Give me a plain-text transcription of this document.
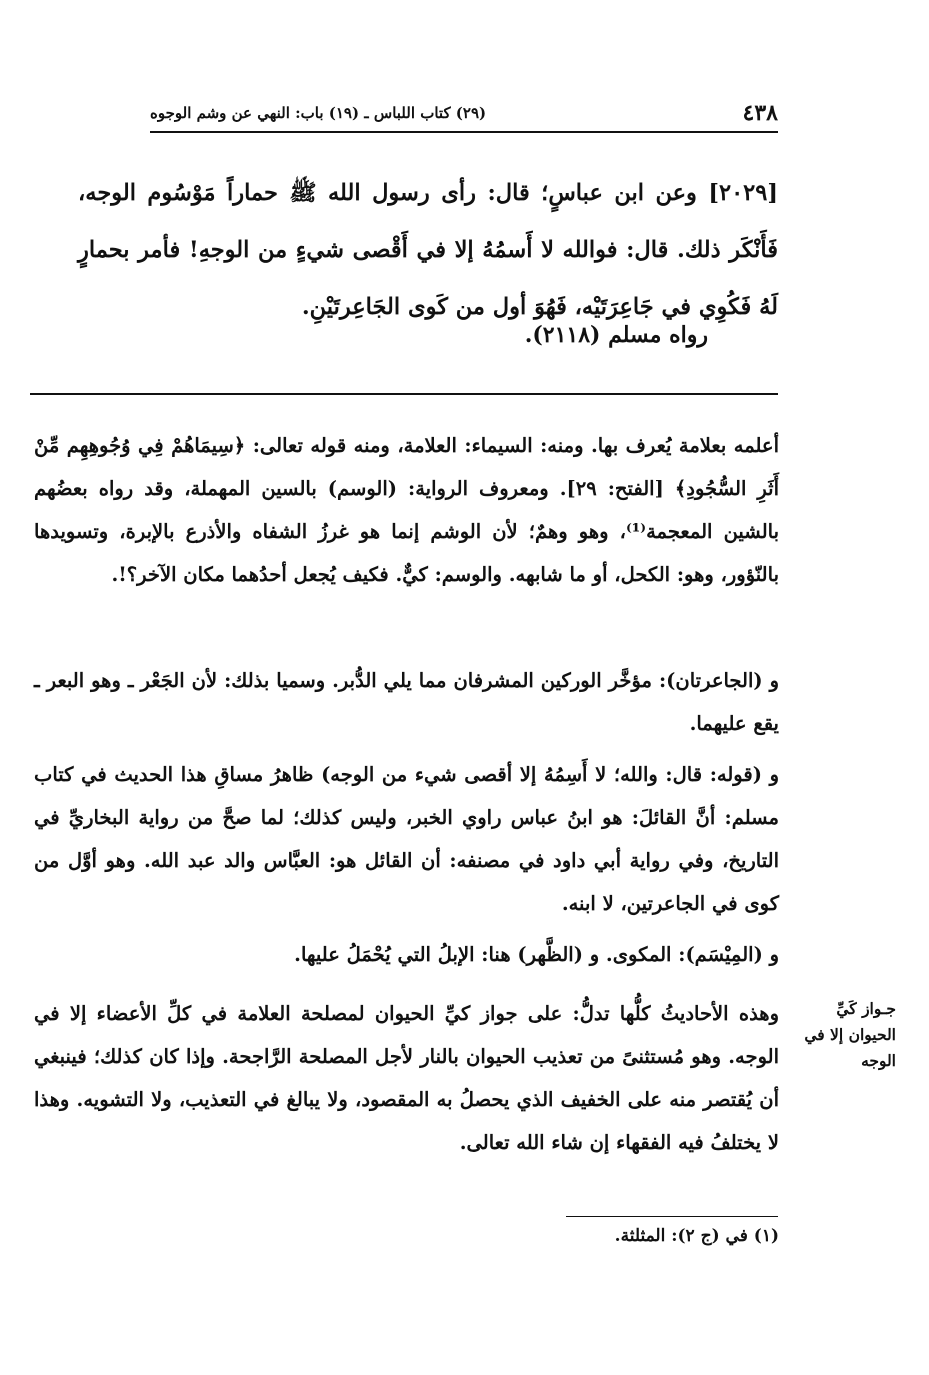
٤٣٨
(٢٩) كتاب اللباس ـ (١٩) باب: النهي عن وشم الوجوه
[٢٠٢٩] وعن ابن عباسٍ؛ قال: رأى رسول الله ﷺ حماراً مَوْسُوم الوجه، فَأَنْكَر ذلك. قال: فوالله لا أَسمُهُ إلا في أَقْصى شيءٍ من الوجهِ! فأمر بحمارٍ لَهُ فَكُوِي في جَاعِرَتَيْه، فَهُوَ أول من كَوى الجَاعِرتَيْنِ.
رواه مسلم (٢١١٨).
أعلمه بعلامة يُعرف بها. ومنه: السيماء: العلامة، ومنه قوله تعالى: ﴿سِيمَاهُمْ فِي وُجُوهِهِم مِّنْ أَثَرِ السُّجُودِ﴾ [الفتح: ٢٩]. ومعروف الرواية: (الوسم) بالسين المهملة، وقد رواه بعضُهم بالشين المعجمة⁽¹⁾، وهو وهمٌ؛ لأن الوشم إنما هو غرزُ الشفاه والأذرع بالإبرة، وتسويدها بالنّؤور، وهو: الكحل، أو ما شابهه. والوسم: كيٌّ. فكيف يُجعل أحدُهما مكان الآخر؟!.
و (الجاعرتان): مؤخَّر الوركين المشرفان مما يلي الدُّبر. وسميا بذلك: لأن الجَعْر ـ وهو البعر ـ يقع عليهما.
و (قوله: قال: والله؛ لا أَسِمُهُ إلا أقصى شيء من الوجه) ظاهرُ مساقِ هذا الحديث في كتاب مسلم: أنَّ القائلَ: هو ابنُ عباس راوي الخبر، وليس كذلك؛ لما صحَّ من رواية البخاريِّ في التاريخ، وفي رواية أبي داود في مصنفه: أن القائل هو: العبَّاس والد عبد الله. وهو أوَّل من كوى في الجاعرتين، لا ابنه.
و (المِيْسَم): المكوى. و (الظَّهر) هنا: الإبلُ التي يُحْمَلُ عليها.
وهذه الأحاديثُ كلُّها تدلُّ: على جواز كيِّ الحيوان لمصلحة العلامة في كلِّ الأعضاء إلا في الوجه. وهو مُستثنىً من تعذيب الحيوان بالنار لأجل المصلحة الرَّاجحة. وإذا كان كذلك؛ فينبغي أن يُقتصر منه على الخفيف الذي يحصلُ به المقصود، ولا يبالغ في التعذيب، ولا التشويه. وهذا لا يختلفُ فيه الفقهاء إن شاء الله تعالى.
جـواز كَيِّ الحيوان إلا في الوجه
(١) في (ج ٢): المثلثة.
